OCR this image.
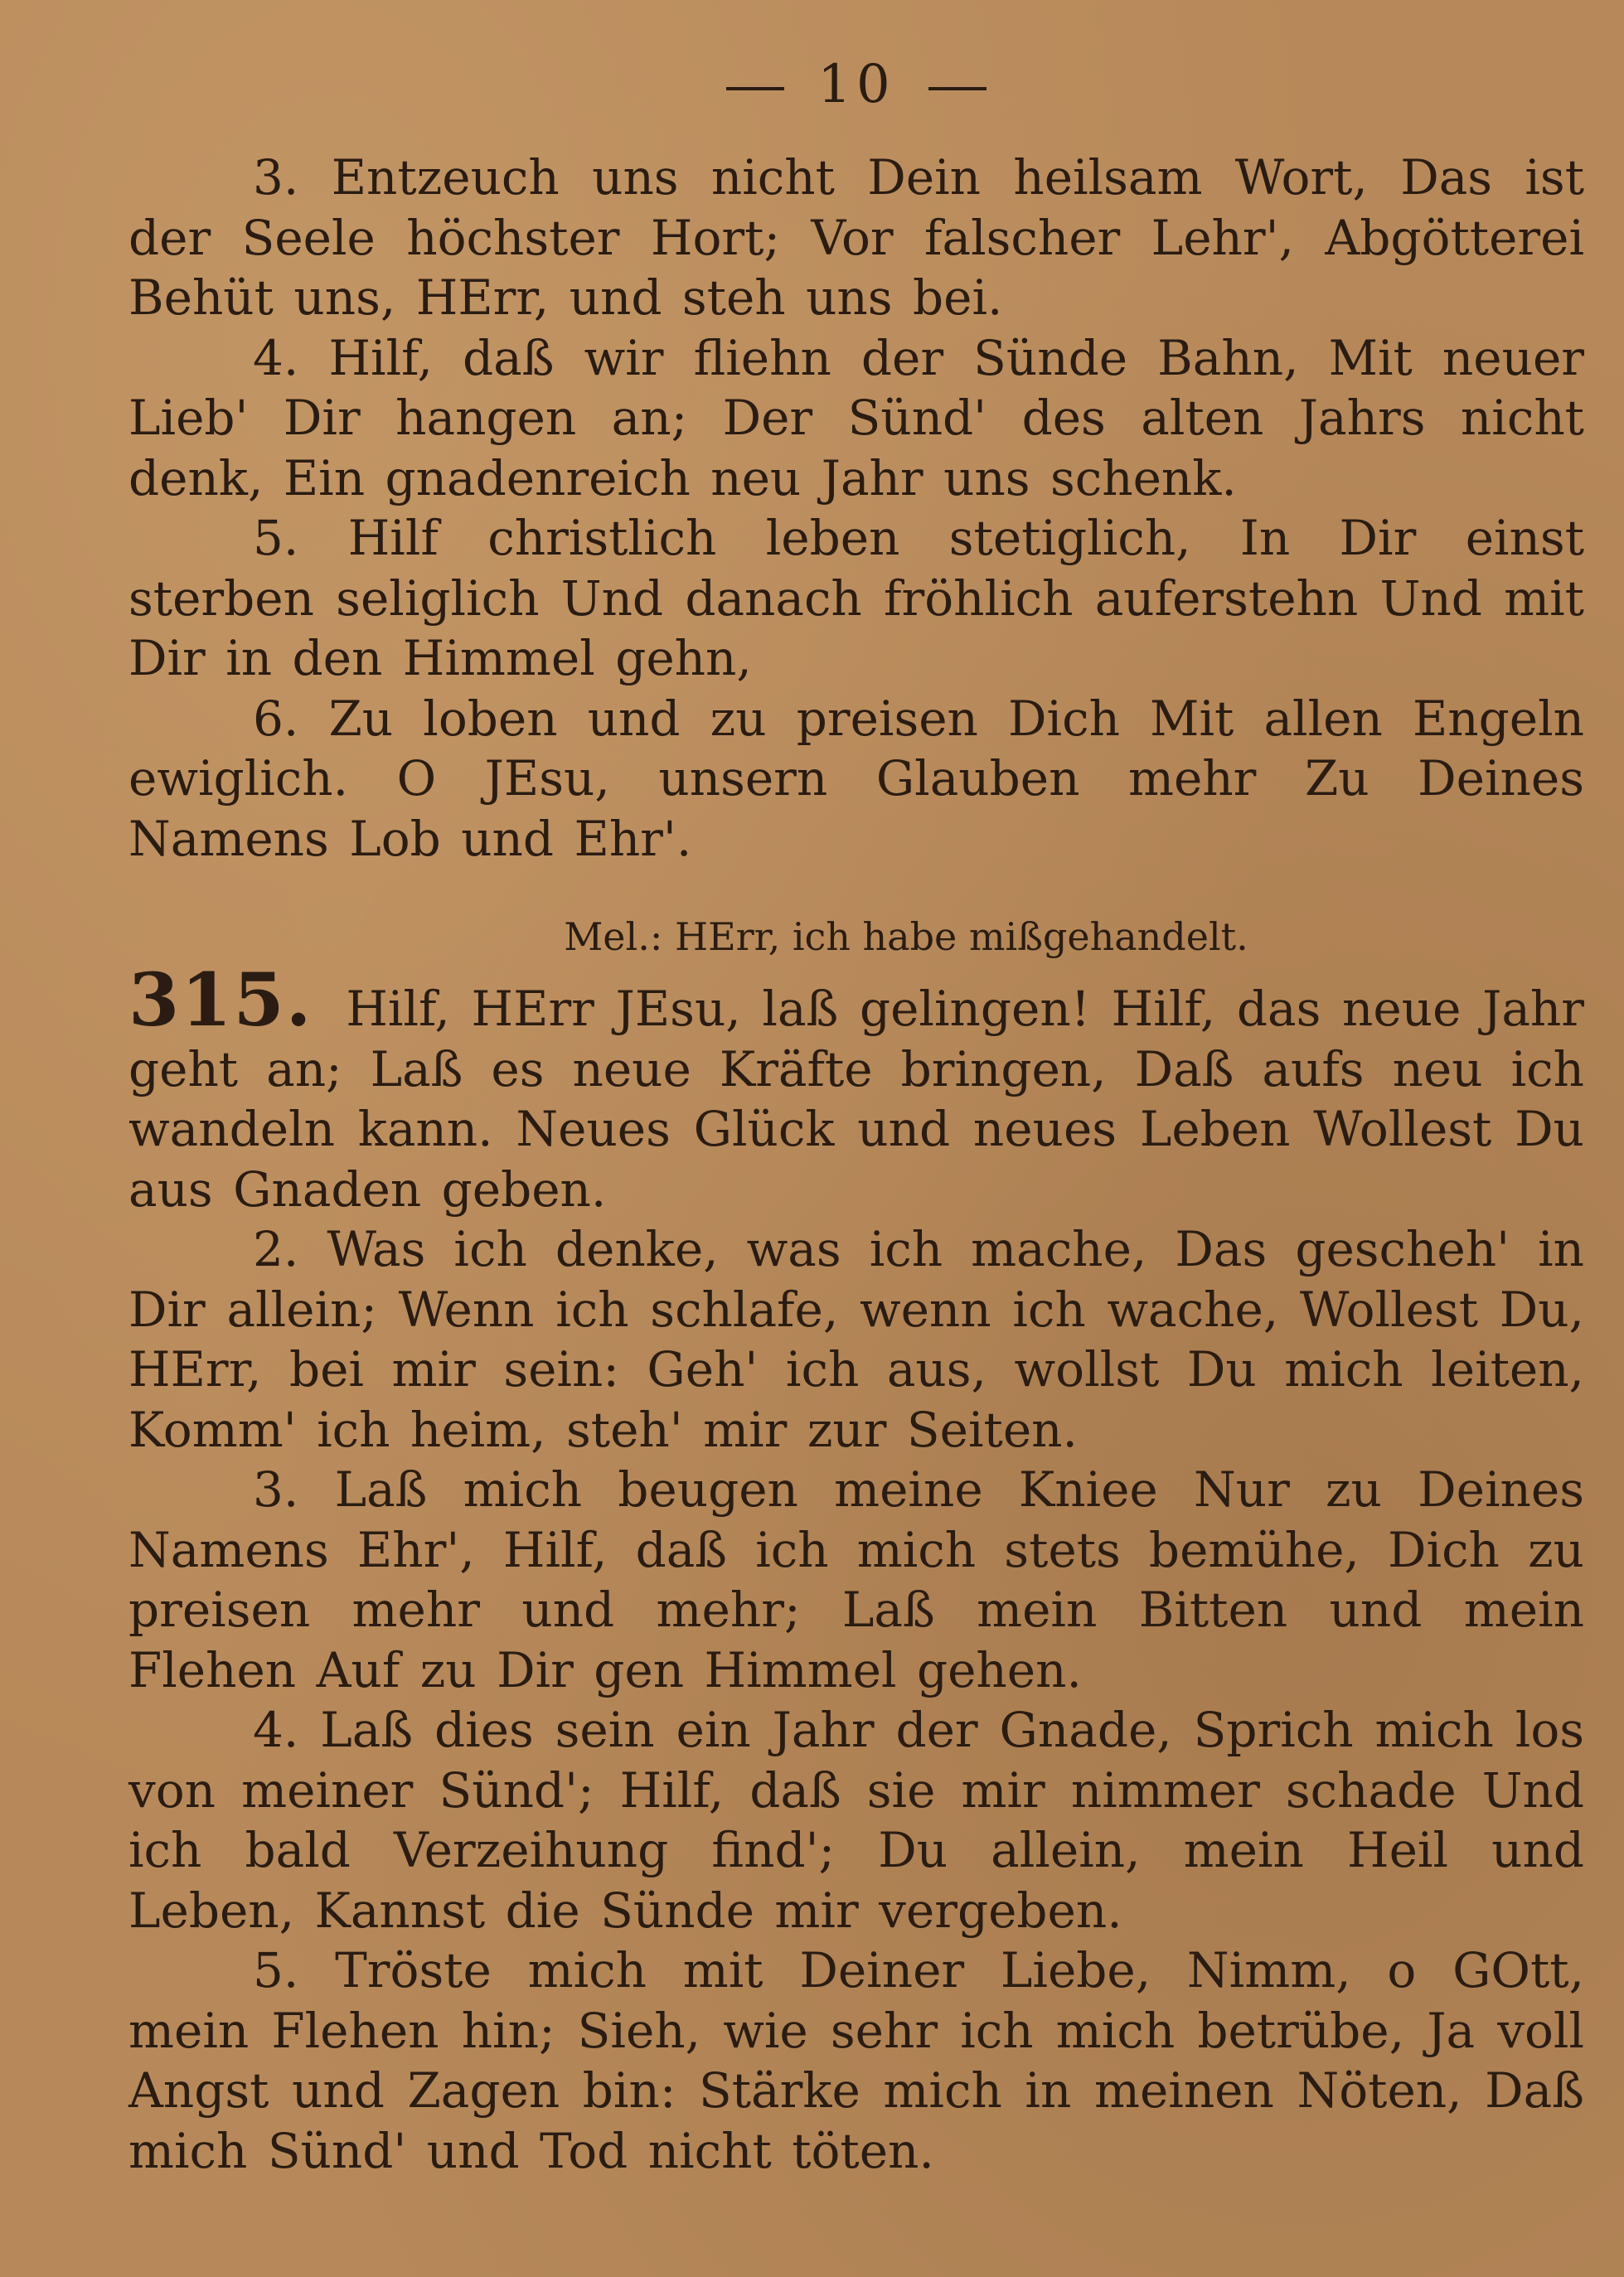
10

3. Entzeuch uns nicht Dein heilsam Wort, Das ist der Seele höchster Hort; Vor falscher Lehr', Abgötterei Behüt uns, HErr, und steh uns bei.

4. Hilf, daß wir fliehn der Sünde Bahn, Mit neuer Lieb' Dir hangen an; Der Sünd' des alten Jahrs nicht denk, Ein gnadenreich neu Jahr uns schenk.

5. Hilf christlich leben stetiglich, In Dir einst sterben seliglich Und danach fröhlich auferstehn Und mit Dir in den Himmel gehn,

6. Zu loben und zu preisen Dich Mit allen Engeln ewiglich. O JEsu, unsern Glauben mehr Zu Deines Namens Lob und Ehr'.

Mel.: HErr, ich habe mißgehandelt.

315. Hilf, HErr JEsu, laß gelingen! Hilf, das neue Jahr geht an; Laß es neue Kräfte bringen, Daß aufs neu ich wandeln kann. Neues Glück und neues Leben Wollest Du aus Gnaden geben.

2. Was ich denke, was ich mache, Das gescheh' in Dir allein; Wenn ich schlafe, wenn ich wache, Wollest Du, HErr, bei mir sein: Geh' ich aus, wollst Du mich leiten, Komm' ich heim, steh' mir zur Seiten.

3. Laß mich beugen meine Kniee Nur zu Deines Namens Ehr', Hilf, daß ich mich stets bemühe, Dich zu preisen mehr und mehr; Laß mein Bitten und mein Flehen Auf zu Dir gen Himmel gehen.

4. Laß dies sein ein Jahr der Gnade, Sprich mich los von meiner Sünd'; Hilf, daß sie mir nimmer schade Und ich bald Verzeihung find'; Du allein, mein Heil und Leben, Kannst die Sünde mir vergeben.

5. Tröste mich mit Deiner Liebe, Nimm, o GOtt, mein Flehen hin; Sieh, wie sehr ich mich betrübe, Ja voll Angst und Zagen bin: Stärke mich in meinen Nöten, Daß mich Sünd' und Tod nicht töten.
